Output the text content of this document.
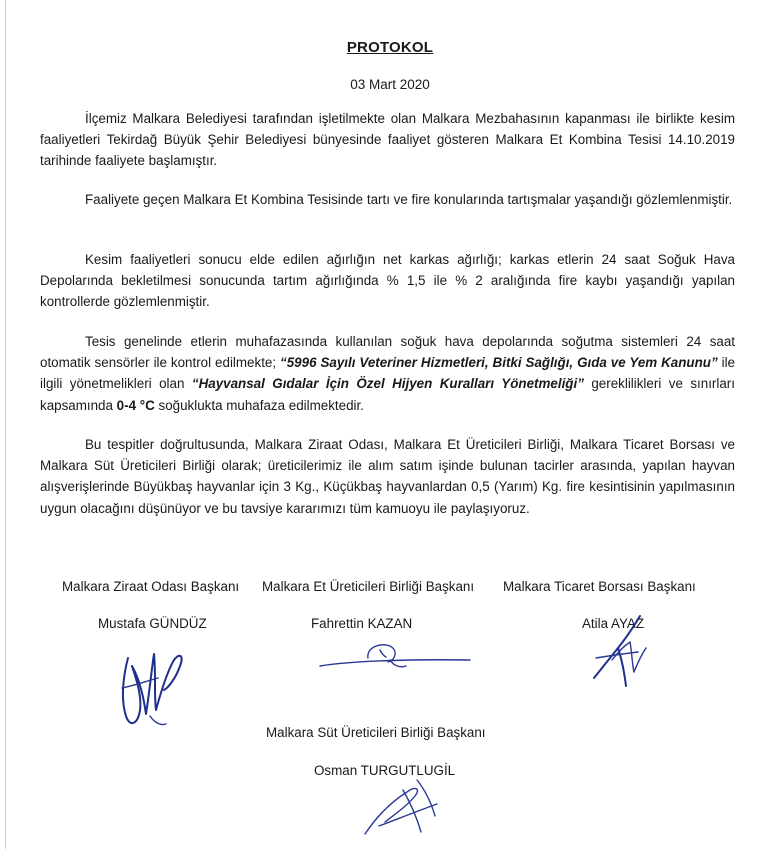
PROTOKOL
03 Mart 2020
İlçemiz Malkara Belediyesi tarafından işletilmekte olan Malkara Mezbahasının kapanması ile birlikte kesim faaliyetleri Tekirdağ Büyük Şehir Belediyesi bünyesinde faaliyet gösteren Malkara Et Kombina Tesisi 14.10.2019 tarihinde faaliyete başlamıştır.
Faaliyete geçen Malkara Et Kombina Tesisinde tartı ve fire konularında tartışmalar yaşandığı gözlemlenmiştir.
Kesim faaliyetleri sonucu elde edilen ağırlığın net karkas ağırlığı; karkas etlerin 24 saat Soğuk Hava Depolarında bekletilmesi sonucunda tartım ağırlığında % 1,5 ile % 2 aralığında fire kaybı yaşandığı yapılan kontrollerde gözlemlenmiştir.
Tesis genelinde etlerin muhafazasında kullanılan soğuk hava depolarında soğutma sistemleri 24 saat otomatik sensörler ile kontrol edilmekte; “5996 Sayılı Veteriner Hizmetleri, Bitki Sağlığı, Gıda ve Yem Kanunu” ile ilgili yönetmelikleri olan “Hayvansal Gıdalar İçin Özel Hijyen Kuralları Yönetmeliği” gereklilikleri ve sınırları kapsamında 0-4 °C soğuklukta muhafaza edilmektedir.
Bu tespitler doğrultusunda, Malkara Ziraat Odası, Malkara Et Üreticileri Birliği, Malkara Ticaret Borsası ve Malkara Süt Üreticileri Birliği olarak; üreticilerimiz ile alım satım işinde bulunan tacirler arasında, yapılan hayvan alışverişlerinde Büyükbaş hayvanlar için 3 Kg., Küçükbaş hayvanlardan 0,5 (Yarım) Kg. fire kesintisinin yapılmasının uygun olacağını düşünüyor ve bu tavsiye kararımızı tüm kamuoyu ile paylaşıyoruz.
Malkara Ziraat Odası Başkanı
Mustafa GÜNDÜZ
Malkara Et Üreticileri Birliği Başkanı
Fahrettin KAZAN
Malkara Ticaret Borsası Başkanı
Atila AYAZ
Malkara Süt Üreticileri Birliği Başkanı
Osman TURGUTLUGİL
